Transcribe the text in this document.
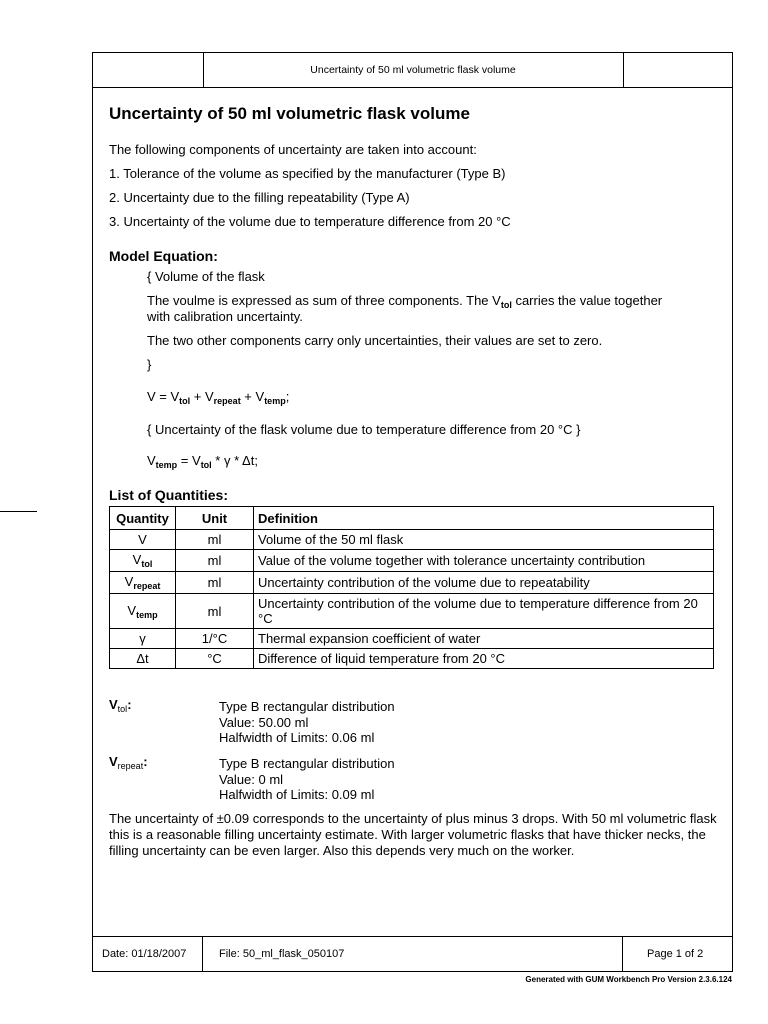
Uncertainty of 50 ml volumetric flask volume
Date: 01/18/2007	File: 50_ml_flask_050107	Page 1 of 2
Uncertainty of 50 ml volumetric flask volume
The following components of uncertainty are taken into account:
1. Tolerance of the volume as specified by the manufacturer (Type B)
2. Uncertainty due to the filling repeatability (Type A)
3. Uncertainty of the volume due to temperature difference from 20 °C
Model Equation:
{ Volume of the flask
The voulme is expressed as sum of three components. The $V_{tol}$ carries the value together
with calibration uncertainty.
The two other components carry only uncertainties, their values are set to zero.
}
$V = V_{tol} + V_{repeat} + V_{temp}$;
{ Uncertainty of the flask volume due to temperature difference from 20 °C }
$V_{temp} = V_{tol} * \gamma * \Delta t$;
List of Quantities:
Quantity	Unit	Definition
V	ml	Volume of the 50 ml flask
$V_{tol}$	ml	Value of the volume together with tolerance uncertainty contribution
$V_{repeat}$	ml	Uncertainty contribution of the volume due to repeatability
$V_{temp}$	ml	Uncertainty contribution of the volume due to temperature difference from 20 °C
γ	1/°C	Thermal expansion coefficient of water
Δt	°C	Difference of liquid temperature from 20 °C
$V_{tol}$:	Type B rectangular distribution
Value: 50.00 ml
Halfwidth of Limits: 0.06 ml
$V_{repeat}$:	Type B rectangular distribution
Value: 0 ml
Halfwidth of Limits: 0.09 ml

The uncertainty of ±0.09 corresponds to the uncertainty of plus minus 3 drops. With 50 ml volumetric flask this is a reasonable filling uncertainty estimate. With larger volumetric flasks that have thicker necks, the filling uncertainty can be even larger. Also this depends very much on the worker.

Generated with GUM Workbench Pro Version 2.3.6.124
